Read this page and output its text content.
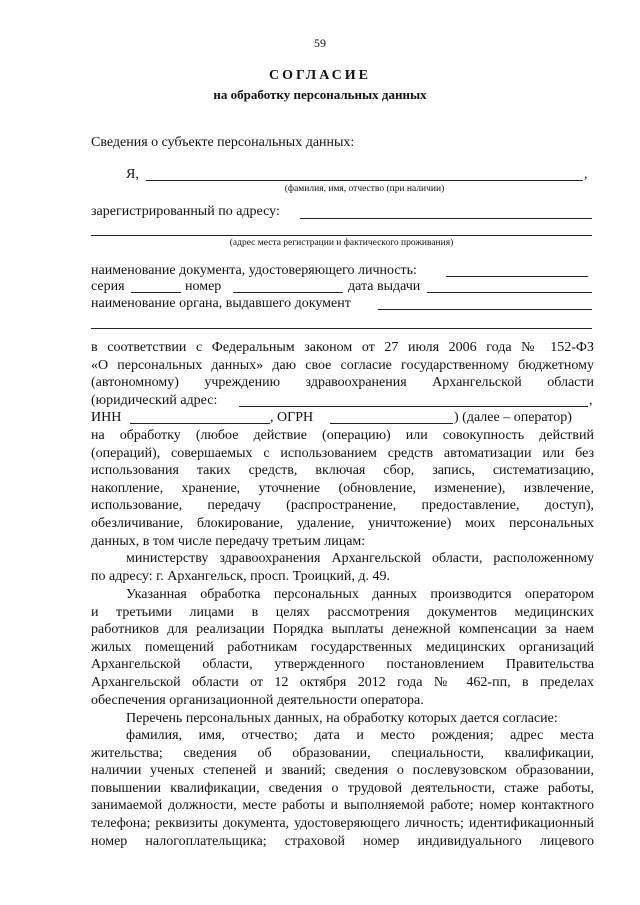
59
СОГЛАСИЕ
на обработку персональных данных
Сведения о субъекте персональных данных:
Я,	,
(фамилия, имя, отчество (при наличии)
зарегистрированный по адресу:
(адрес места регистрации и фактического проживания)
наименование документа, удостоверяющего личность:
серия	номер	дата выдачи
наименование органа, выдавшего документ
в соответствии с Федеральным законом от 27 июля 2006 года № 152-ФЗ
«О персональных данных» даю свое согласие государственному бюджетному
(автономному) учреждению здравоохранения Архангельской области
(юридический адрес:	,
ИНН	, ОГРН	) (далее – оператор)
на обработку (любое действие (операцию) или совокупность действий
(операций), совершаемых с использованием средств автоматизации или без
использования таких средств, включая сбор, запись, систематизацию,
накопление, хранение, уточнение (обновление, изменение), извлечение,
использование, передачу (распространение, предоставление, доступ),
обезличивание, блокирование, удаление, уничтожение) моих персональных
данных, в том числе передачу третьим лицам:
министерству здравоохранения Архангельской области, расположенному
по адресу: г. Архангельск, просп. Троицкий, д. 49.
Указанная обработка персональных данных производится оператором
и третьими лицами в целях рассмотрения документов медицинских
работников для реализации Порядка выплаты денежной компенсации за наем
жилых помещений работникам государственных медицинских организаций
Архангельской области, утвержденного постановлением Правительства
Архангельской области от 12 октября 2012 года № 462-пп, в пределах
обеспечения организационной деятельности оператора.
Перечень персональных данных, на обработку которых дается согласие:
фамилия, имя, отчество; дата и место рождения; адрес места
жительства; сведения об образовании, специальности, квалификации,
наличии ученых степеней и званий; сведения о послевузовском образовании,
повышении квалификации, сведения о трудовой деятельности, стаже работы,
занимаемой должности, месте работы и выполняемой работе; номер контактного
телефона; реквизиты документа, удостоверяющего личность; идентификационный
номер налогоплательщика; страховой номер индивидуального лицевого
